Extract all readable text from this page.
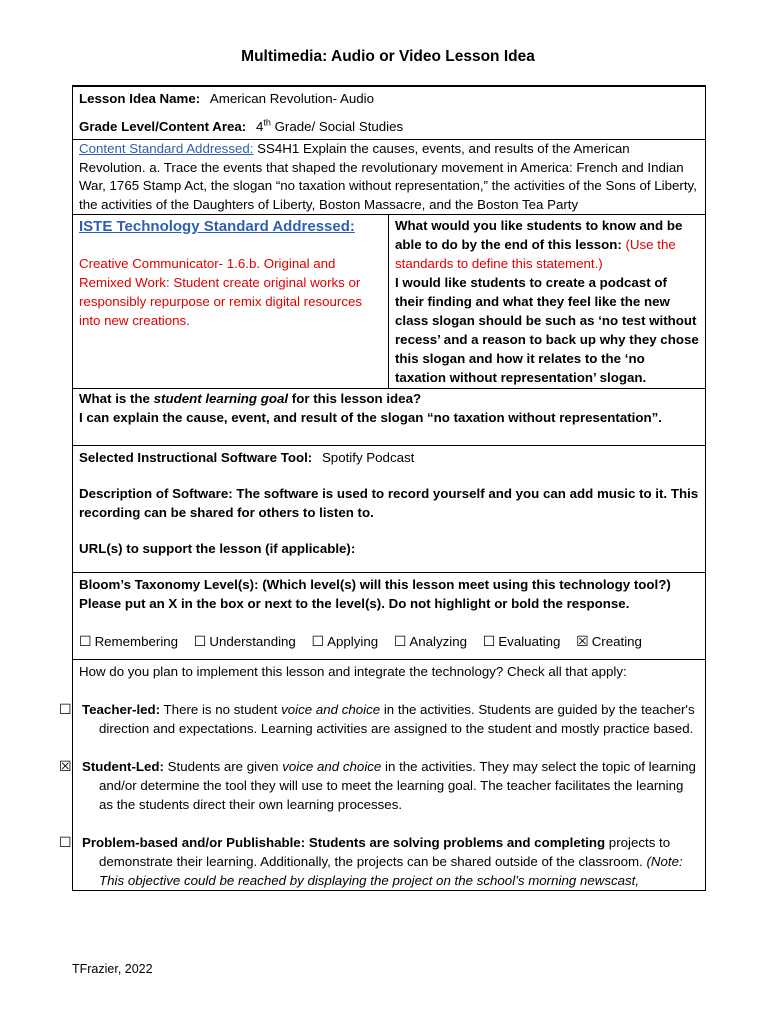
Multimedia: Audio or Video Lesson Idea
Lesson Idea Name: American Revolution- Audio
Grade Level/Content Area: 4th Grade/ Social Studies

Content Standard Addressed: SS4H1 Explain the causes, events, and results of the American Revolution. a. Trace the events that shaped the revolutionary movement in America: French and Indian War, 1765 Stamp Act, the slogan “no taxation without representation,” the activities of the Sons of Liberty, the activities of the Daughters of Liberty, Boston Massacre, and the Boston Tea Party

ISTE Technology Standard Addressed:
Creative Communicator- 1.6.b. Original and Remixed Work: Student create original works or responsibly repurpose or remix digital resources into new creations.

What would you like students to know and be able to do by the end of this lesson: (Use the standards to define this statement.)
I would like students to create a podcast of their finding and what they feel like the new class slogan should be such as ‘no test without recess’ and a reason to back up why they chose this slogan and how it relates to the ‘no taxation without representation’ slogan.

What is the student learning goal for this lesson idea?
I can explain the cause, event, and result of the slogan “no taxation without representation”.

Selected Instructional Software Tool: Spotify Podcast
Description of Software: The software is used to record yourself and you can add music to it. This recording can be shared for others to listen to.
URL(s) to support the lesson (if applicable):

Bloom’s Taxonomy Level(s): (Which level(s) will this lesson meet using this technology tool?)
Please put an X in the box or next to the level(s). Do not highlight or bold the response.
☐ Remembering ☐ Understanding ☐ Applying ☐ Analyzing ☐ Evaluating ☒ Creating

How do you plan to implement this lesson and integrate the technology? Check all that apply:

☐ Teacher-led: There is no student voice and choice in the activities. Students are guided by the teacher's direction and expectations. Learning activities are assigned to the student and mostly practice based.

☒ Student-Led: Students are given voice and choice in the activities. They may select the topic of learning and/or determine the tool they will use to meet the learning goal. The teacher facilitates the learning as the students direct their own learning processes.

☐ Problem-based and/or Publishable: Students are solving problems and completing projects to demonstrate their learning. Additionally, the projects can be shared outside of the classroom. (Note: This objective could be reached by displaying the project on the school’s morning newscast,

TFrazier, 2022
